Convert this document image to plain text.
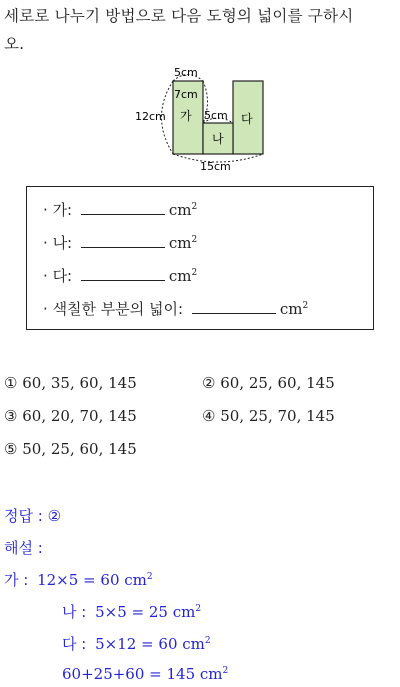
세로로 나누기 방법으로 다음 도형의 넓이를 구하시
오.
5cm
12cm
7cm
5cm
15cm
가
나
다
· 가:	$cm^2$
· 나:	$cm^2$
· 다:	$cm^2$
· 색칠한 부분의 넓이:	$cm^2$
① 60, 35, 60, 145	② 60, 25, 60, 145
③ 60, 20, 70, 145	④ 50, 25, 70, 145
⑤ 50, 25, 60, 145
정답 : ②
해설 :
가 : 12×5 = 60 $cm^2$
나 : 5×5 = 25 $cm^2$
다 : 5×12 = 60 $cm^2$
60+25+60 = 145 $cm^2$
